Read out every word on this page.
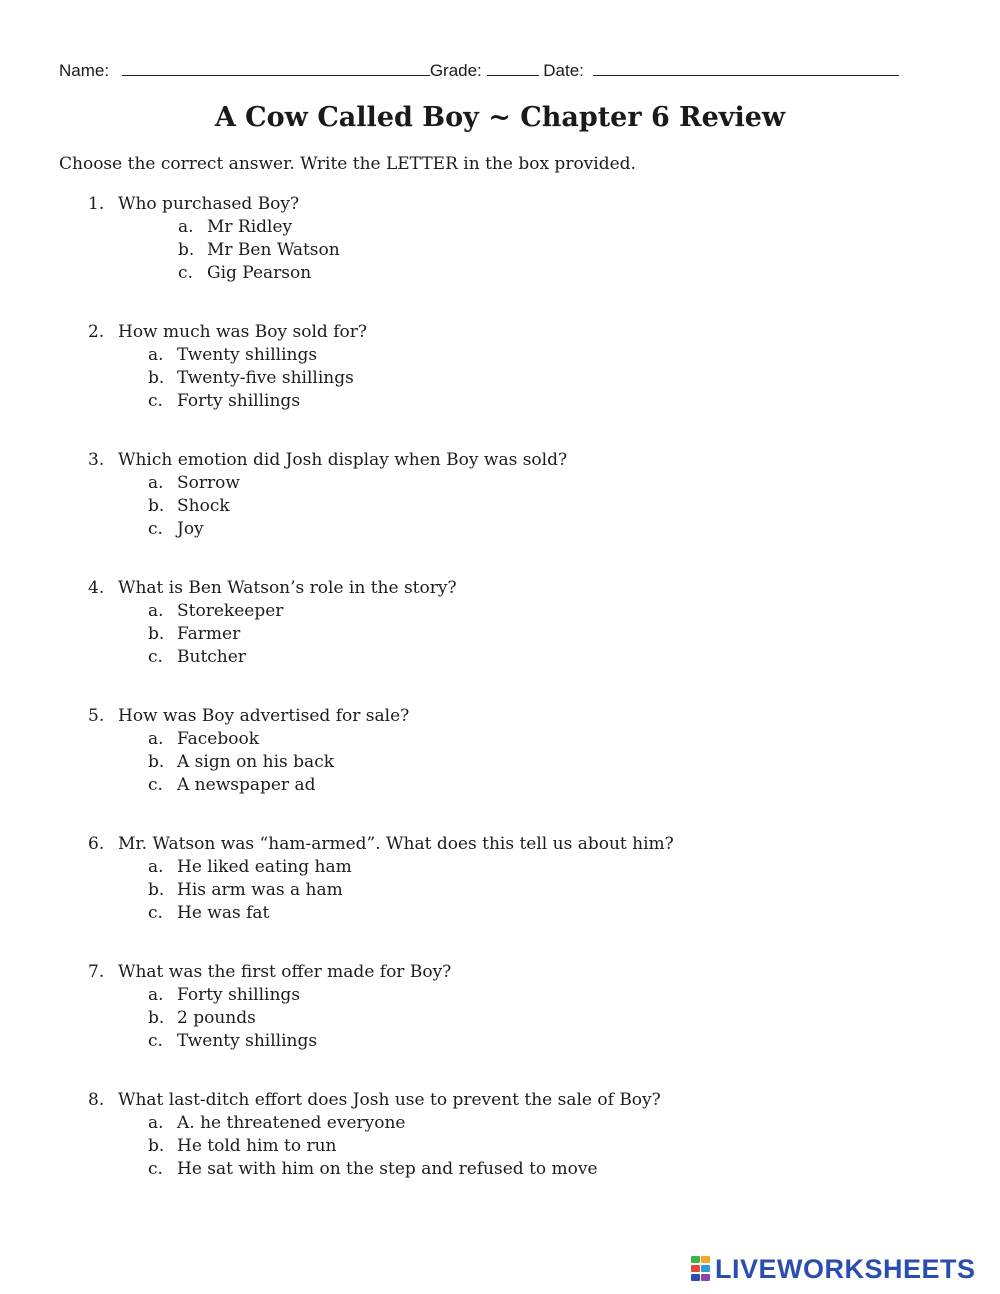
Name:	Grade:	Date:
A Cow Called Boy ~ Chapter 6 Review
Choose the correct answer. Write the LETTER in the box provided.
1. Who purchased Boy?
a. Mr Ridley
b. Mr Ben Watson
c. Gig Pearson
2. How much was Boy sold for?
a. Twenty shillings
b. Twenty-five shillings
c. Forty shillings
3. Which emotion did Josh display when Boy was sold?
a. Sorrow
b. Shock
c. Joy
4. What is Ben Watson’s role in the story?
a. Storekeeper
b. Farmer
c. Butcher
5. How was Boy advertised for sale?
a. Facebook
b. A sign on his back
c. A newspaper ad
6. Mr. Watson was “ham-armed”. What does this tell us about him?
a. He liked eating ham
b. His arm was a ham
c. He was fat
7. What was the first offer made for Boy?
a. Forty shillings
b. 2 pounds
c. Twenty shillings
8. What last-ditch effort does Josh use to prevent the sale of Boy?
a. A. he threatened everyone
b. He told him to run
c. He sat with him on the step and refused to move
LIVEWORKSHEETS
